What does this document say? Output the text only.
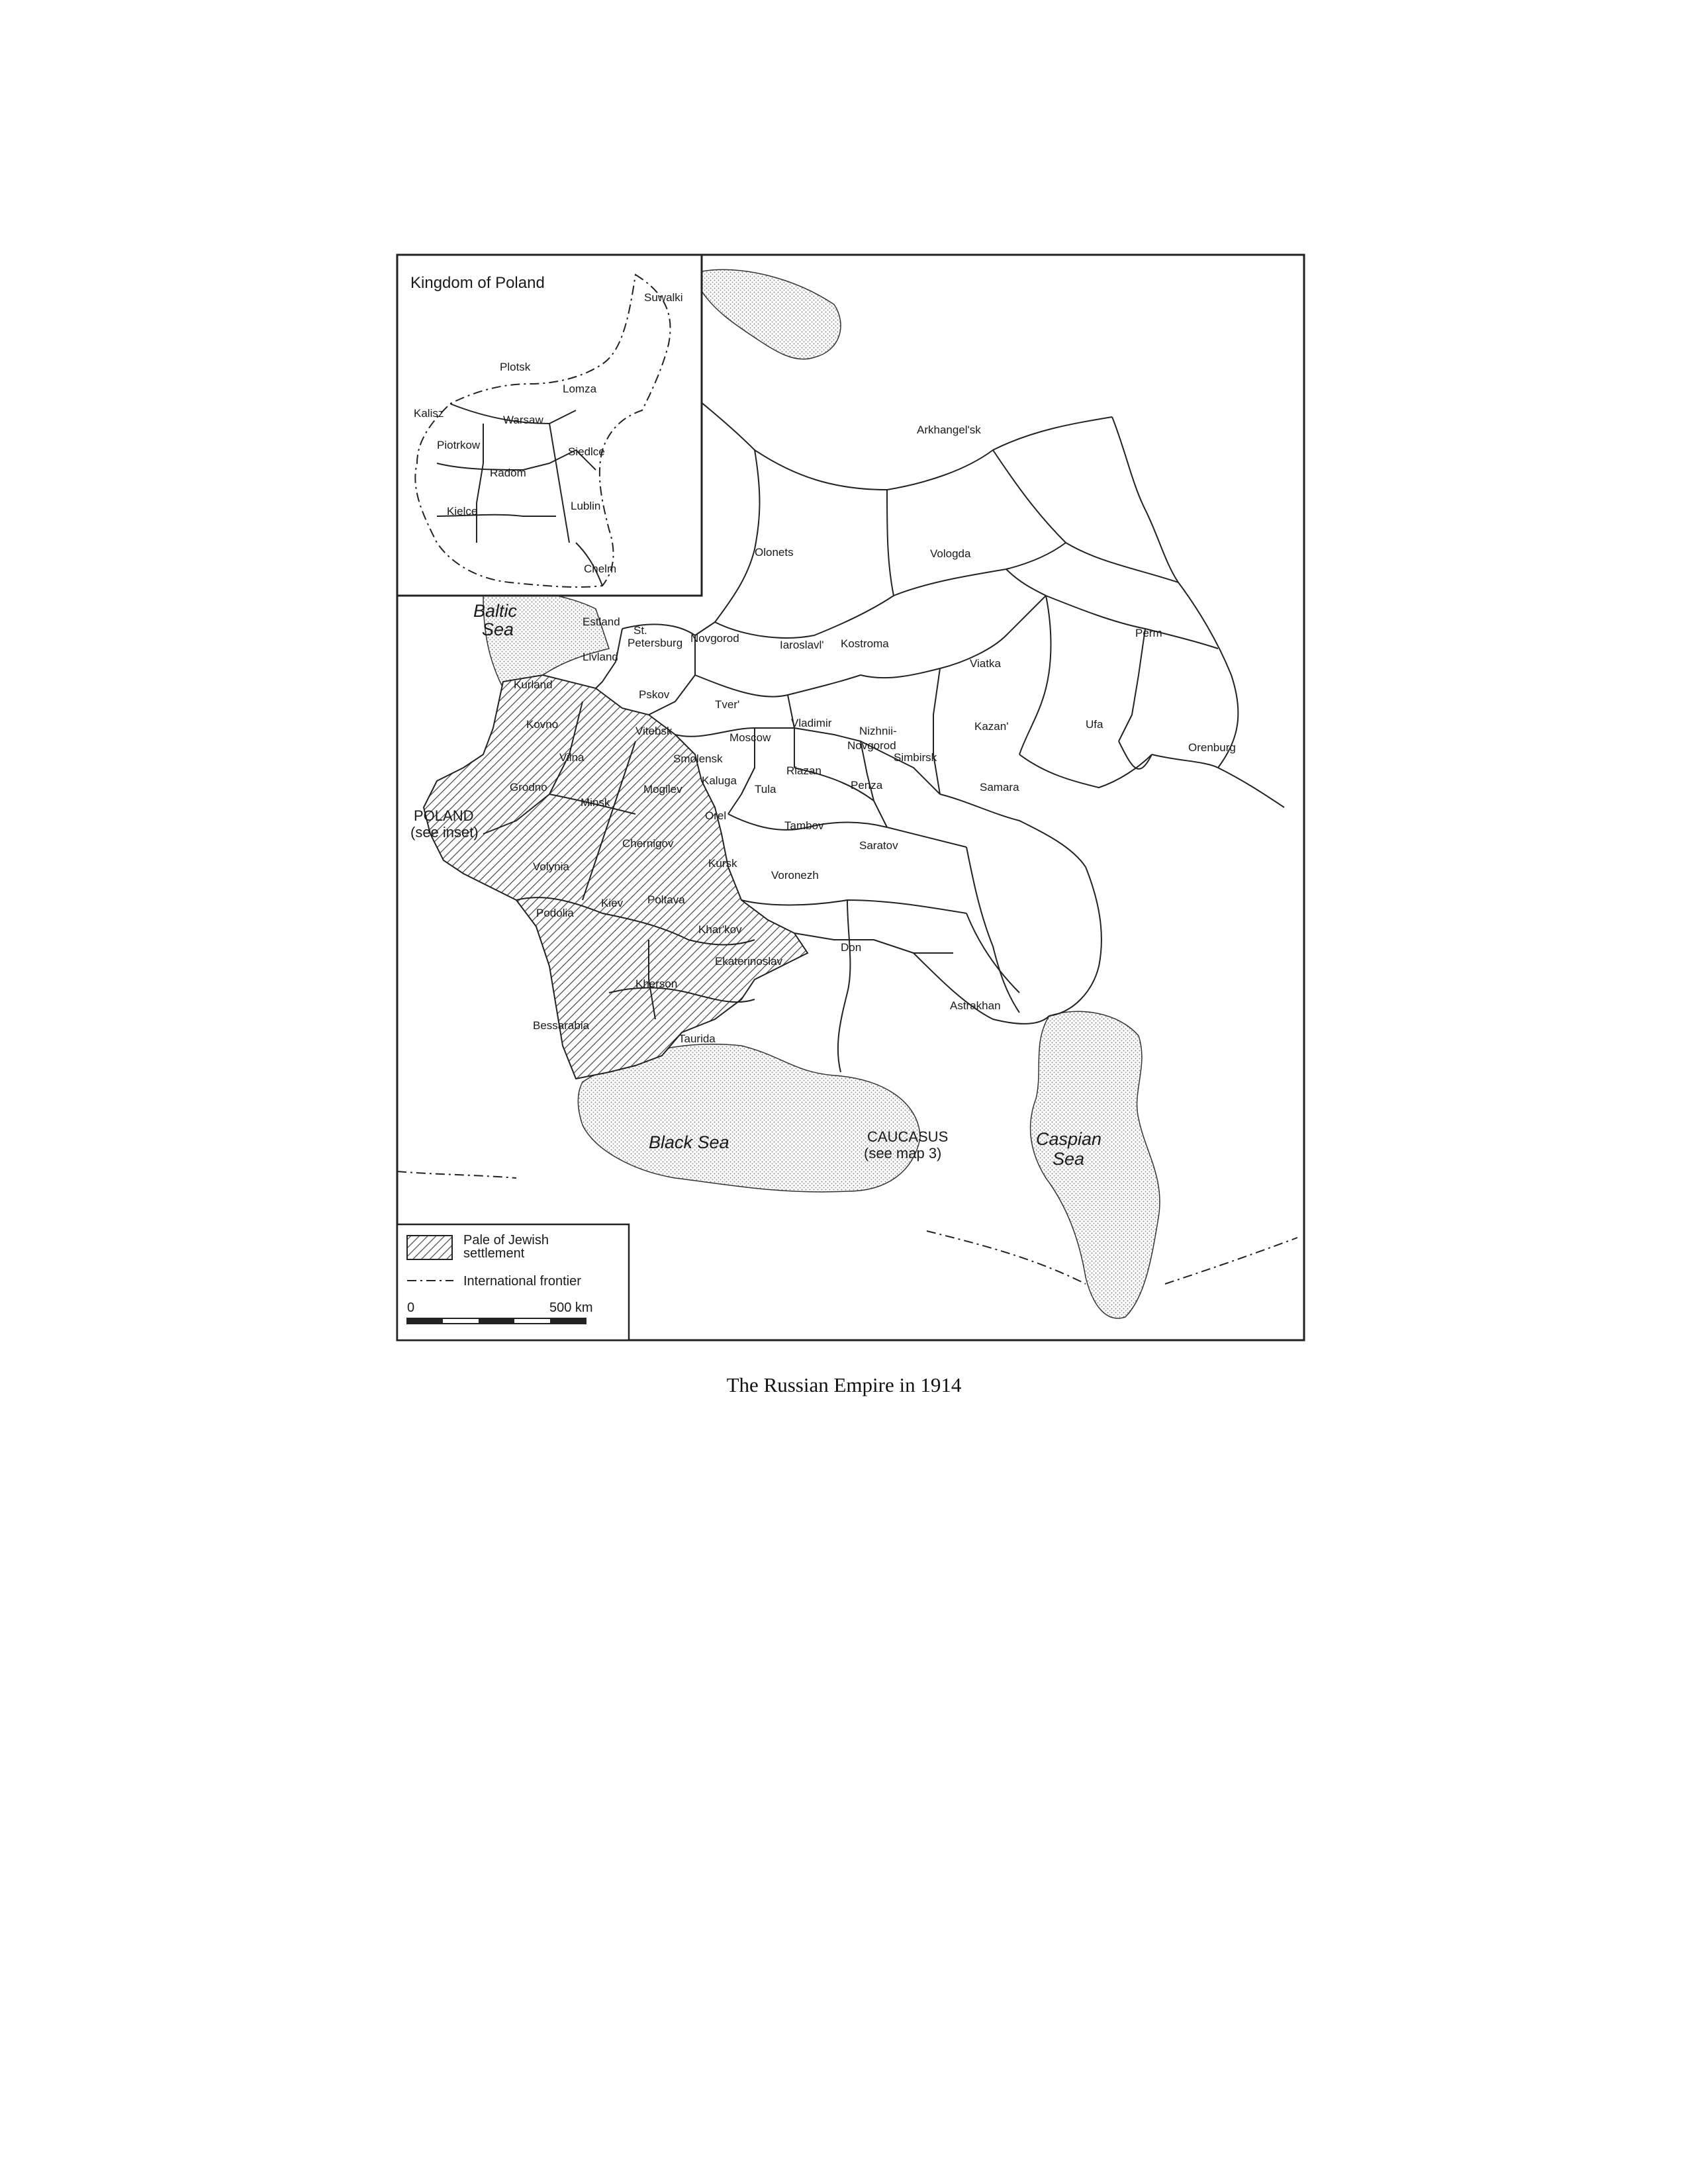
Kingdom of Poland
Suwalki
Plotsk
Lomza
Kalisz
Warsaw
Piotrkow
Siedlce
Radom
Kielce	Lublin
Chelm
Baltic
Sea
Black Sea	Caspian
Sea
Arkhangel'sk
Olonets	Vologda
Perm
Estland
St.
Petersburg Novgorod
Livland
Kurland
Pskov
Iaroslavl' Kostroma
Viatka
Tver'
Kovno
Vitebsk
Vilna	Smolensk
Moscow
Vladimir
Nizhnii-
Novgorod
Kazan'	Ufa
Orenburg
Simbirsk
Grodno
Minsk
Mogilev
Kaluga
Tula
Riazan
Penza	Samara
Orel
Tambov
Chernigov
Volynia	Kursk
Voronezh
Saratov
Kiev Poltava
Podolia
Khar'kov
Don
Ekaterinoslav
Kherson
Astrakhan
Bessarabia
Taurida
POLAND
(see inset)
CAUCASUS
(see map 3)
Pale of Jewish
settlement
International frontier
0	500 km
The Russian Empire in 1914
